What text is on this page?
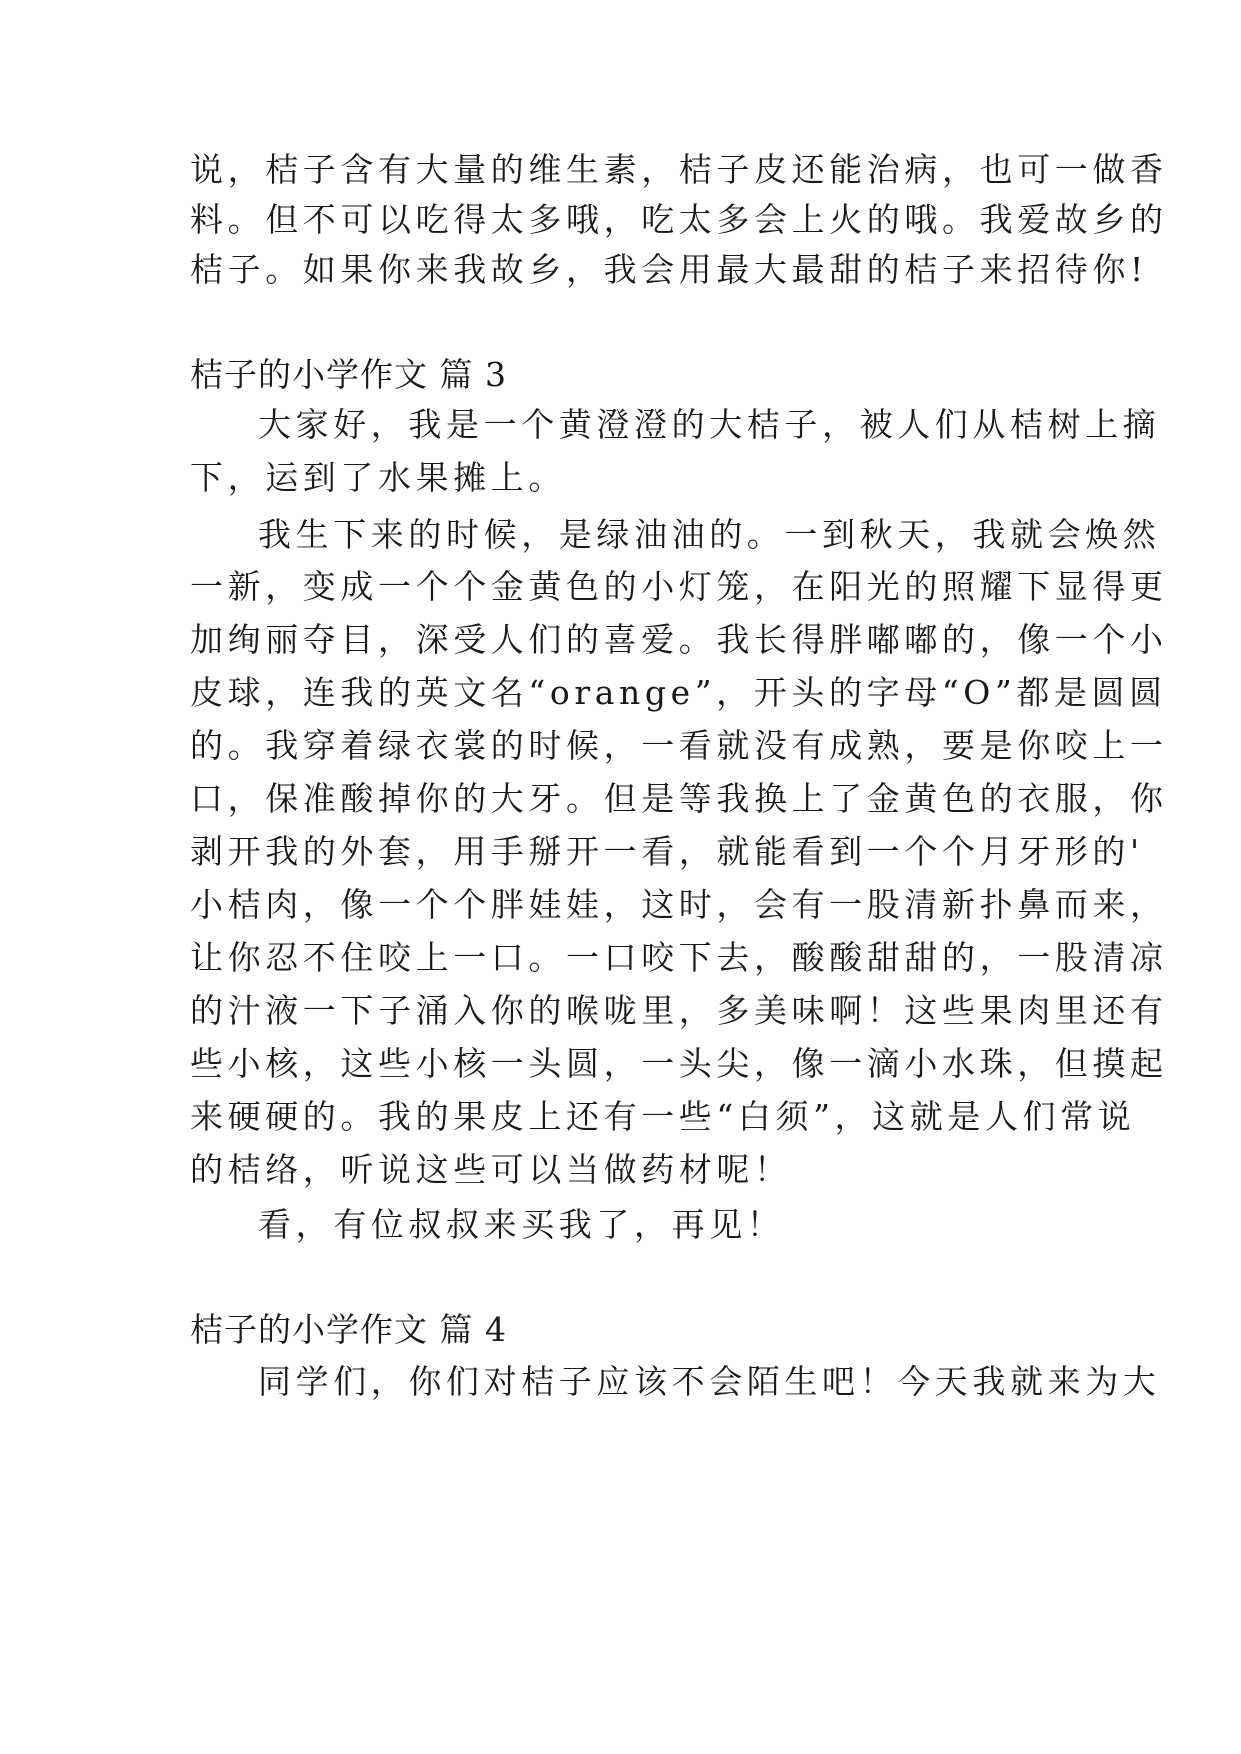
说，桔子含有大量的维生素，桔子皮还能治病，也可一做香
料。但不可以吃得太多哦，吃太多会上火的哦。我爱故乡的
桔子。如果你来我故乡，我会用最大最甜的桔子来招待你!
桔子的小学作文 篇 3
大家好，我是一个黄澄澄的大桔子，被人们从桔树上摘
下，运到了水果摊上。
我生下来的时候，是绿油油的。一到秋天，我就会焕然
一新，变成一个个金黄色的小灯笼，在阳光的照耀下显得更
加绚丽夺目，深受人们的喜爱。我长得胖嘟嘟的，像一个小
皮球，连我的英文名“orange”，开头的字母“O”都是圆圆
的。我穿着绿衣裳的时候，一看就没有成熟，要是你咬上一
口，保准酸掉你的大牙。但是等我换上了金黄色的衣服，你
剥开我的外套，用手掰开一看，就能看到一个个月牙形的'
小桔肉，像一个个胖娃娃，这时，会有一股清新扑鼻而来，
让你忍不住咬上一口。一口咬下去，酸酸甜甜的，一股清凉
的汁液一下子涌入你的喉咙里，多美味啊！这些果肉里还有
些小核，这些小核一头圆，一头尖，像一滴小水珠，但摸起
来硬硬的。我的果皮上还有一些“白须”，这就是人们常说
的桔络，听说这些可以当做药材呢！
看，有位叔叔来买我了，再见！
桔子的小学作文 篇 4
同学们，你们对桔子应该不会陌生吧！今天我就来为大
